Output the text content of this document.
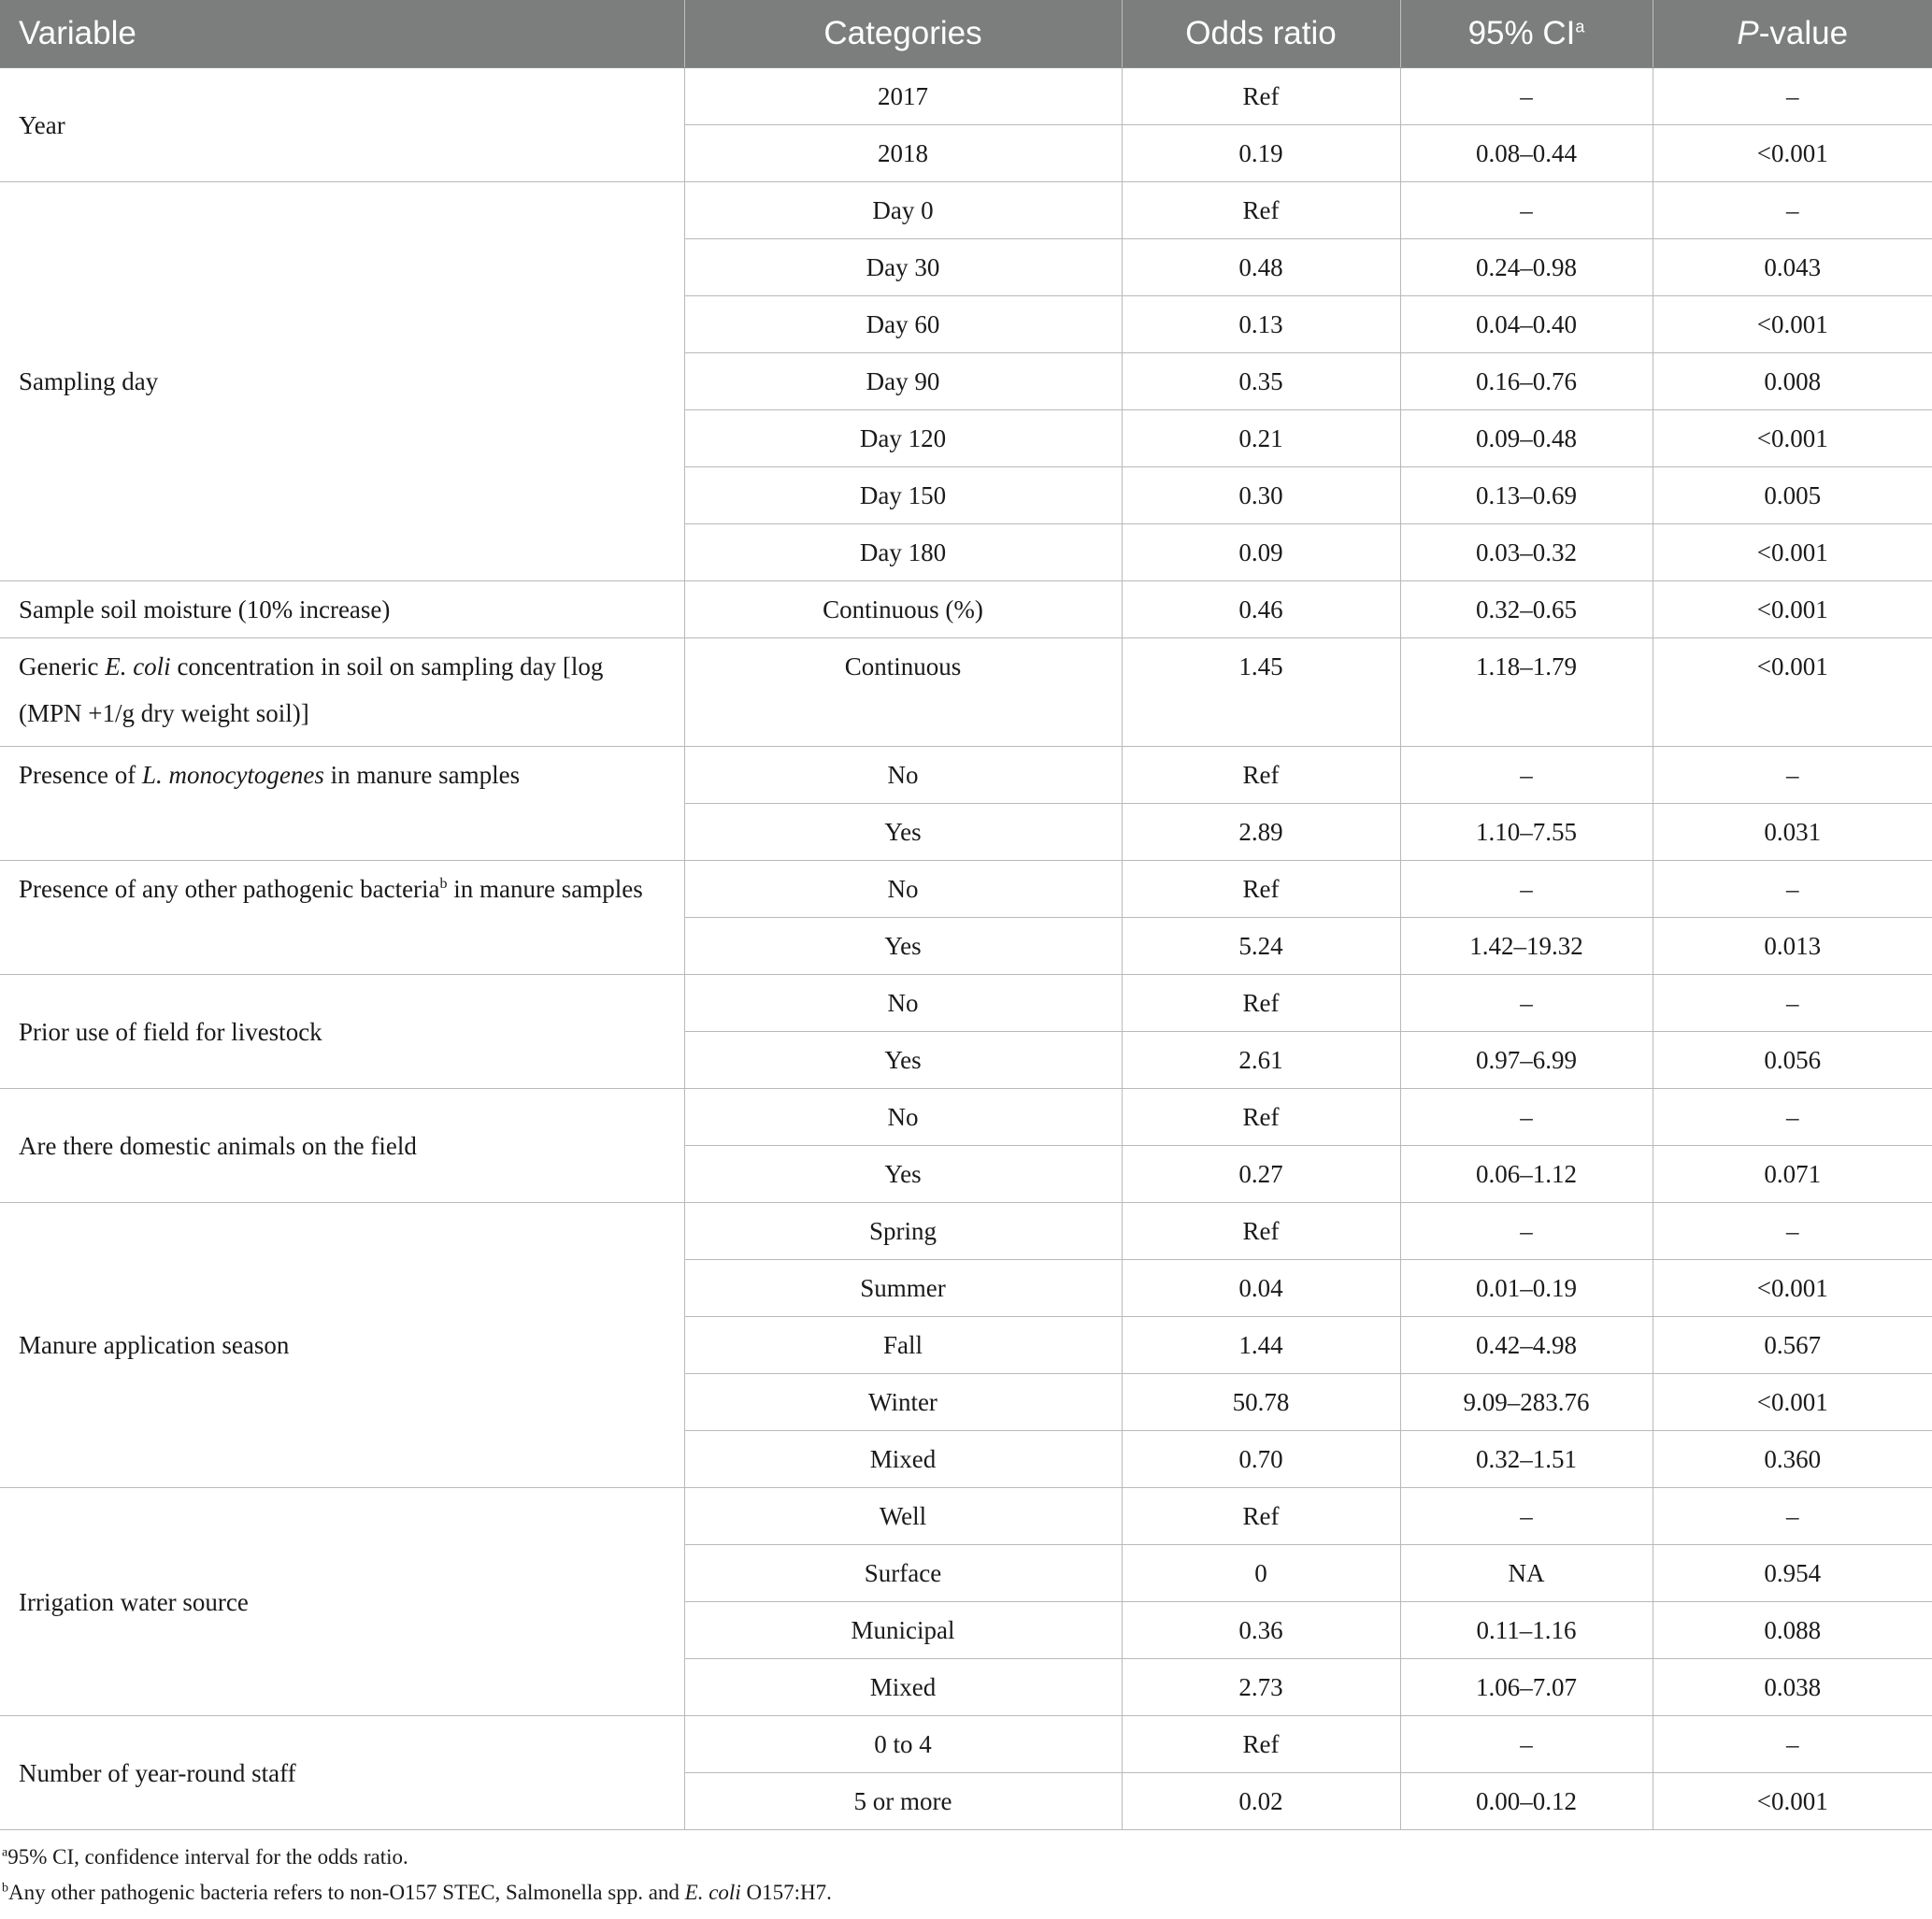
Variable	Categories	Odds ratio	95% $CI^a$	P-value
Year	2017	Ref	–	–
	2018	0.19	0.08–0.44	<0.001
Sampling day	Day 0	Ref	–	–
	Day 30	0.48	0.24–0.98	0.043
	Day 60	0.13	0.04–0.40	<0.001
	Day 90	0.35	0.16–0.76	0.008
	Day 120	0.21	0.09–0.48	<0.001
	Day 150	0.30	0.13–0.69	0.005
	Day 180	0.09	0.03–0.32	<0.001
Sample soil moisture (10% increase)	Continuous (%)	0.46	0.32–0.65	<0.001
Generic E. coli concentration in soil on sampling day [log (MPN +1/g dry weight soil)]	Continuous	1.45	1.18–1.79	<0.001
Presence of L. monocytogenes in manure samples	No	Ref	–	–
	Yes	2.89	1.10–7.55	0.031
Presence of any other pathogenic bacteria$^b$ in manure samples	No	Ref	–	–
	Yes	5.24	1.42–19.32	0.013
Prior use of field for livestock	No	Ref	–	–
	Yes	2.61	0.97–6.99	0.056
Are there domestic animals on the field	No	Ref	–	–
	Yes	0.27	0.06–1.12	0.071
Manure application season	Spring	Ref	–	–
	Summer	0.04	0.01–0.19	<0.001
	Fall	1.44	0.42–4.98	0.567
	Winter	50.78	9.09–283.76	<0.001
	Mixed	0.70	0.32–1.51	0.360
Irrigation water source	Well	Ref	–	–
	Surface	0	NA	0.954
	Municipal	0.36	0.11–1.16	0.088
	Mixed	2.73	1.06–7.07	0.038
Number of year-round staff	0 to 4	Ref	–	–
	5 or more	0.02	0.00–0.12	<0.001

$^a$95% CI, confidence interval for the odds ratio.

$^b$Any other pathogenic bacteria refers to non-O157 STEC, Salmonella spp. and E. coli O157:H7.
